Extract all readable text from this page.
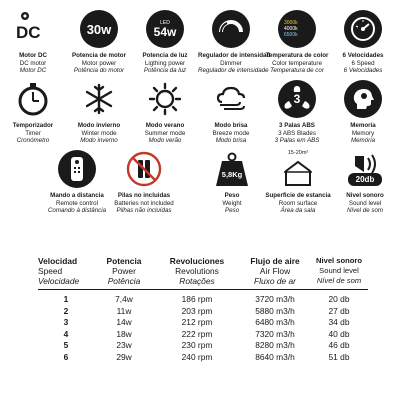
DC
Motor DC
DC motor
Motor DC
30w
Potencia de motor
Motor power
Potência do motor
LED
54w
Potencia de luz
Ligthing power
Potência da luz
Regulador de intensidad
Dimmer
Regulador de intensidade
3000k
4000k
6500k
Temperatura de color
Color temperature
Temperatura de cor
6 Velocidades
6 Speed
6 Velocidades
Temporizador
Timer
Cronómetro
Modo invierno
Winter mode
Modo inverno
Modo verano
Summer mode
Modo verão
Modo brisa
Breeze mode
Modo brisa
3
3 Palas ABS
3 ABS Blades
3 Palas em ABS
Memoria
Memory
Memória
Mando a distancia
Remote control
Comando à distância
Pilas no incluidas
Batteries not included
Pilhas não incluídas
5,8Kg
Peso
Weight
Peso
15-20m²
Superficie de estancia
Room surface
Área da sala
20db
Nivel sonoro
Sound level
Nível de som
Velocidad
Speed
Velocidade
Potencia
Power
Potência
Revoluciones
Revolutions
Rotações
Flujo de aire
Air Flow
Fluxo de ar
Nivel sonoro
Sound level
Nível de som
1	7,4w	186 rpm	3720 m3/h	20 db
2	11w	203 rpm	5880 m3/h	27 db
3	14w	212 rpm	6480 m3/h	34 db
4	18w	222 rpm	7320 m3/h	40 db
5	23w	230 rpm	8280 m3/h	46 db
6	29w	240 rpm	8640 m3/h	51 db
